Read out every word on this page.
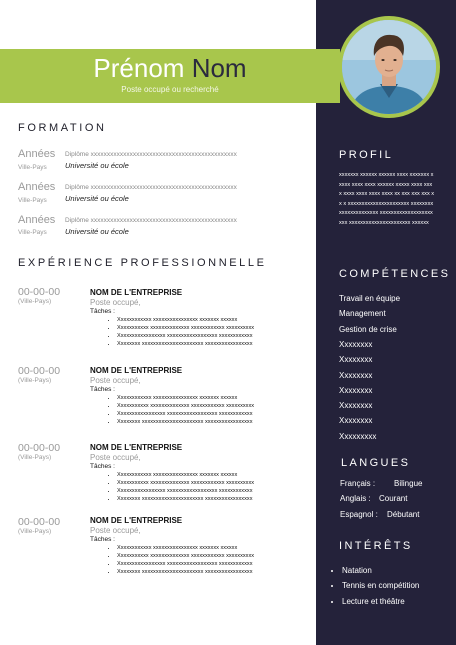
Prénom Nom
Poste occupé ou recherché
FORMATION
Années
Ville-Pays
Diplôme xxxxxxxxxxxxxxxxxxxxxxxxxxxxxxxxxxxxxxxxxxxxx
Université ou école
Années
Ville-Pays
Diplôme xxxxxxxxxxxxxxxxxxxxxxxxxxxxxxxxxxxxxxxxxxxxx
Université ou école
Années
Ville-Pays
Diplôme xxxxxxxxxxxxxxxxxxxxxxxxxxxxxxxxxxxxxxxxxxxxx
Université ou école
EXPÉRIENCE PROFESSIONNELLE
00-00-00
(Ville-Pays)
NOM DE L'ENTREPRISE
Poste occupé,
Tâches :
• Xxxxxxxxxxxx xxxxxxxxxxxxxxxx xxxxxxx xxxxxx
• Xxxxxxxxxxx xxxxxxxxxxxxxx xxxxxxxxxxxx xxxxxxxxxx
• Xxxxxxxxxxxxxxxxx xxxxxxxxxxxxxxxxxx xxxxxxxxxxxx
• Xxxxxxxx xxxxxxxxxxxxxxxxxxxxxx xxxxxxxxxxxxxxxxx
00-00-00
(Ville-Pays)
NOM DE L'ENTREPRISE
Poste occupé,
Tâches :
• Xxxxxxxxxxxx xxxxxxxxxxxxxxxx xxxxxxx xxxxxx
• Xxxxxxxxxxx xxxxxxxxxxxxxx xxxxxxxxxxxx xxxxxxxxxx
• Xxxxxxxxxxxxxxxxx xxxxxxxxxxxxxxxxxx xxxxxxxxxxxx
• Xxxxxxxx xxxxxxxxxxxxxxxxxxxxxx xxxxxxxxxxxxxxxxx
00-00-00
(Ville-Pays)
NOM DE L'ENTREPRISE
Poste occupé,
Tâches :
• Xxxxxxxxxxxx xxxxxxxxxxxxxxxx xxxxxxx xxxxxx
• Xxxxxxxxxxx xxxxxxxxxxxxxx xxxxxxxxxxxx xxxxxxxxxx
• Xxxxxxxxxxxxxxxxx xxxxxxxxxxxxxxxxxx xxxxxxxxxxxx
• Xxxxxxxx xxxxxxxxxxxxxxxxxxxxxx xxxxxxxxxxxxxxxxx
00-00-00
(Ville-Pays)
NOM DE L'ENTREPRISE
Poste occupé,
Tâches :
• Xxxxxxxxxxxx xxxxxxxxxxxxxxxx xxxxxxx xxxxxx
• Xxxxxxxxxxx xxxxxxxxxxxxxx xxxxxxxxxxxx xxxxxxxxxx
• Xxxxxxxxxxxxxxxxx xxxxxxxxxxxxxxxxxx xxxxxxxxxxxx
• Xxxxxxxx xxxxxxxxxxxxxxxxxxxxxx xxxxxxxxxxxxxxxxx
PROFIL

xxxxxxx xxxxxx xxxxxx xxxx xxxxxxx xxxxx xxxx xxxx xxxxxx xxxxx xxxx xxxx xxxx xxxx xxxx xxxx xx xxx xxx xxx xx x xxxxxxxxxxxxxxxxxxxxxx xxxxxxxxxxxxxxxxxxxxxx xxxxxxxxxxxxxxxxxxxxxx xxxxxxxxxxxxxxxxxxxxxx xxxxxx

COMPÉTENCES
Travail en équipe
Management
Gestion de crise
Xxxxxxxx
Xxxxxxxx
Xxxxxxxx
Xxxxxxxx
Xxxxxxxx
Xxxxxxxx
Xxxxxxxxx
LANGUES
Français : Bilingue
Anglais : Courant
Espagnol : Débutant
INTÉRÊTS
• Natation
• Tennis en compétition
• Lecture et théâtre
